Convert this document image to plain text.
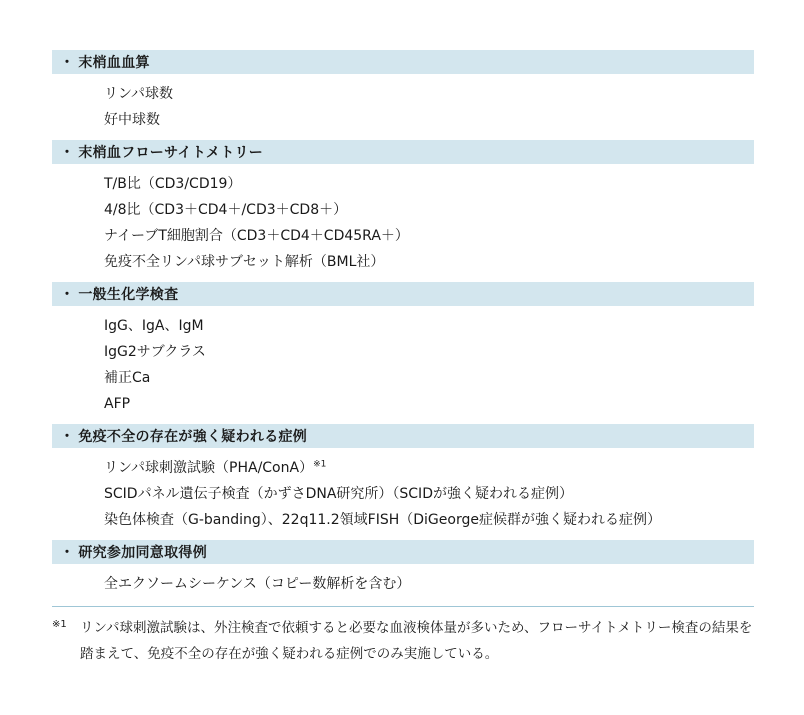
・ 末梢血血算
リンパ球数
好中球数
・ 末梢血フローサイトメトリー
T/B比（CD3/CD19）
4/8比（CD3＋CD4＋/CD3＋CD8＋）
ナイーブT細胞割合（CD3＋CD4＋CD45RA＋）
免疫不全リンパ球サブセット解析（BML社）
・ 一般生化学検査
IgG、IgA、IgM
IgG2サブクラス
補正Ca
AFP
・ 免疫不全の存在が強く疑われる症例
リンパ球刺激試験（PHA/ConA）$^{※1}$
SCIDパネル遺伝子検査（かずさDNA研究所）（SCIDが強く疑われる症例）
染色体検査（G-banding）、22q11.2領域FISH（DiGeorge症候群が強く疑われる症例）
・ 研究参加同意取得例
全エクソームシーケンス（コピー数解析を含む）
※1 リンパ球刺激試験は、外注検査で依頼すると必要な血液検体量が多いため、フローサイトメトリー検査の結果を踏まえて、免疫不全の存在が強く疑われる症例でのみ実施している。
